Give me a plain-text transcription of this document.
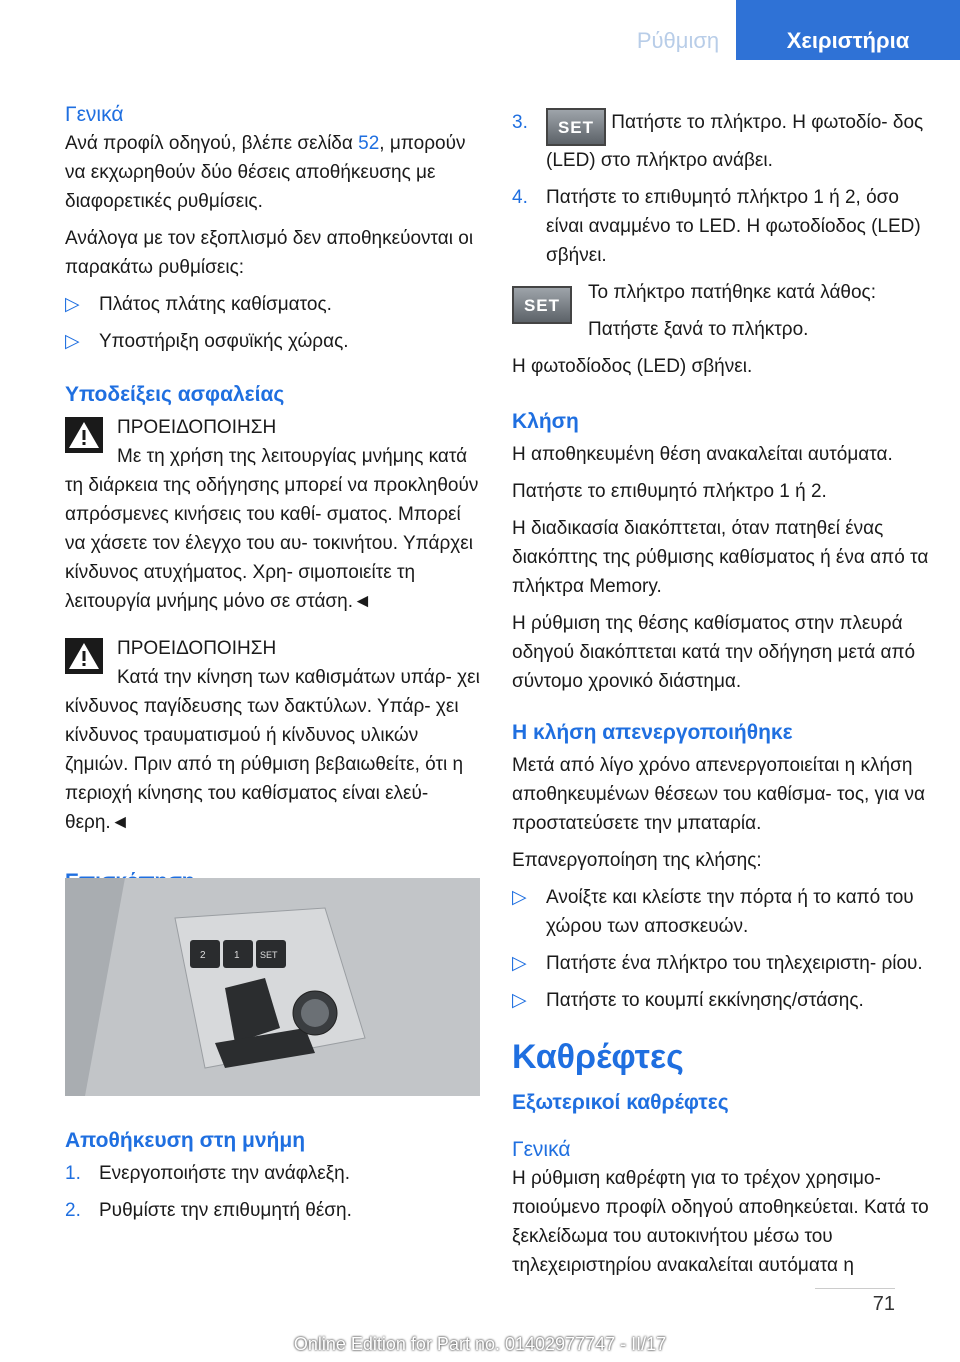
Ρύθμιση	Χειριστήρια
Γενικά

Ανά προφίλ οδηγού, βλέπε σελίδα 52, μπορούν να εκχωρηθούν δύο θέσεις αποθήκευσης με διαφορετικές ρυθμίσεις.

Ανάλογα με τον εξοπλισμό δεν αποθηκεύονται οι παρακάτω ρυθμίσεις:

▷ Πλάτος πλάτης καθίσματος.
▷ Υποστήριξη οσφυϊκής χώρας.
Υποδείξεις ασφαλείας
ΠΡΟΕΙΔΟΠΟΙΗΣΗ
Με τη χρήση της λειτουργίας μνήμης κατά τη διάρκεια της οδήγησης μπορεί να προκληθούν απρόσμενες κινήσεις του καθί- σματος. Μπορεί να χάσετε τον έλεγχο του αυ- τοκινήτου. Υπάρχει κίνδυνος ατυχήματος. Χρη- σιμοποιείτε τη λειτουργία μνήμης μόνο σε στάση.◄
ΠΡΟΕΙΔΟΠΟΙΗΣΗ
Κατά την κίνηση των καθισμάτων υπάρ- χει κίνδυνος παγίδευσης των δακτύλων. Υπάρ- χει κίνδυνος τραυματισμού ή κίνδυνος υλικών ζημιών. Πριν από τη ρύθμιση βεβαιωθείτε, ότι η περιοχή κίνησης του καθίσματος είναι ελεύ- θερη.◄
2	1 SET
Αποθήκευση στη μνήμη
1. Ενεργοποιήστε την ανάφλεξη.
2. Ρυθμίστε την επιθυμητή θέση.
3. SET Πατήστε το πλήκτρο. Η φωτοδίο- δος (LED) στο πλήκτρο ανάβει.
4. Πατήστε το επιθυμητό πλήκτρο 1 ή 2, όσο είναι αναμμένο το LED. Η φωτοδίοδος (LED) σβήνει.
SET

Το πλήκτρο πατήθηκε κατά λάθος:

Πατήστε ξανά το πλήκτρο.

Η φωτοδίοδος (LED) σβήνει.

Κλήση

Η αποθηκευμένη θέση ανακαλείται αυτόματα.

Πατήστε το επιθυμητό πλήκτρο 1 ή 2.

Η διαδικασία διακόπτεται, όταν πατηθεί ένας διακόπτης της ρύθμισης καθίσματος ή ένα από τα πλήκτρα Memory.

Η ρύθμιση της θέσης καθίσματος στην πλευρά οδηγού διακόπτεται κατά την οδήγηση μετά από σύντομο χρονικό διάστημα.

Η κλήση απενεργοποιήθηκε

Μετά από λίγο χρόνο απενεργοποιείται η κλήση αποθηκευμένων θέσεων του καθίσμα- τος, για να προστατεύσετε την μπαταρία.

Επανεργοποίηση της κλήσης:

▷ Ανοίξτε και κλείστε την πόρτα ή το καπό του χώρου των αποσκευών.
▷ Πατήστε ένα πλήκτρο του τηλεχειριστη- ρίου.
▷ Πατήστε το κουμπί εκκίνησης/στάσης.
Καθρέφτες
Εξωτερικοί καθρέφτες
Γενικά

Η ρύθμιση καθρέφτη για το τρέχον χρησιμο- ποιούμενο προφίλ οδηγού αποθηκεύεται. Κατά το ξεκλείδωμα του αυτοκινήτου μέσω του τηλεχειριστηρίου ανακαλείται αυτόματα η

71
Online Edition for Part no. 01402977747 - II/17
